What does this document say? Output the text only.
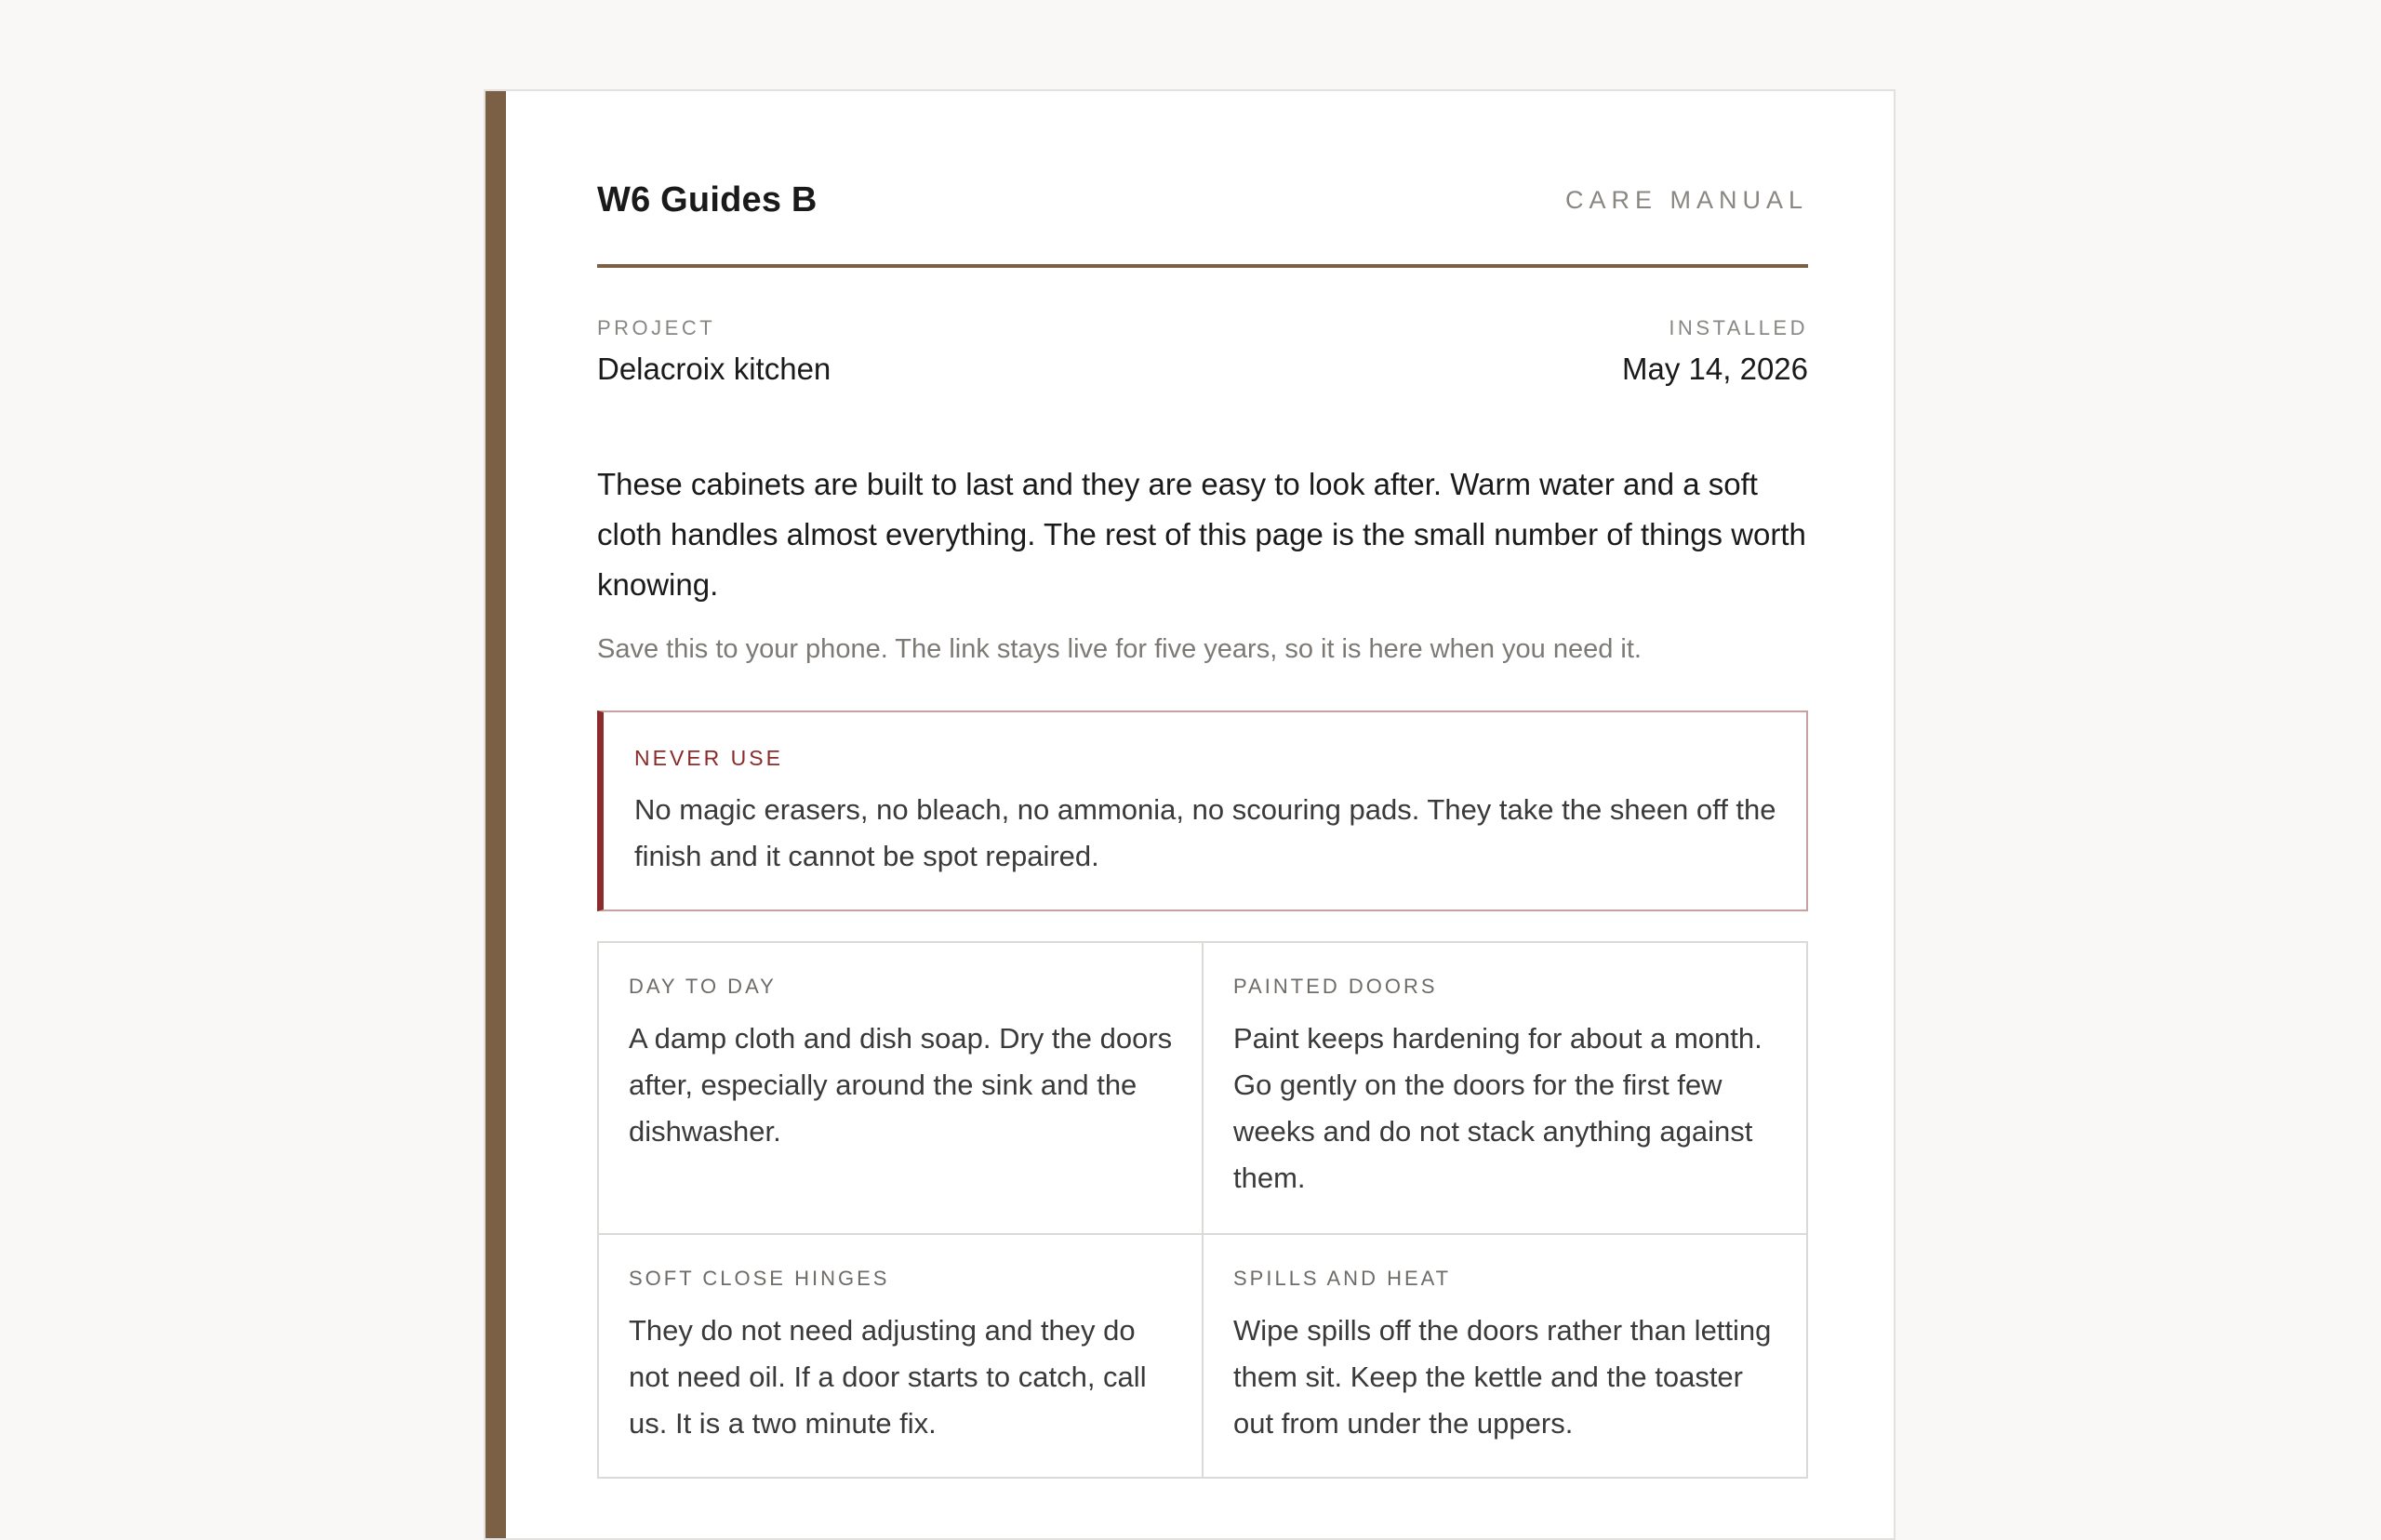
W6 Guides B	CARE MANUAL
PROJECT
Delacroix kitchen
INSTALLED
May 14, 2026
These cabinets are built to last and they are easy to look after. Warm water and a soft cloth handles almost everything. The rest of this page is the small number of things worth knowing.
Save this to your phone. The link stays live for five years, so it is here when you need it.
NEVER USE
No magic erasers, no bleach, no ammonia, no scouring pads. They take the sheen off the finish and it cannot be spot repaired.
DAY TO DAY
A damp cloth and dish soap. Dry the doors after, especially around the sink and the dishwasher.
PAINTED DOORS
Paint keeps hardening for about a month. Go gently on the doors for the first few weeks and do not stack anything against them.
SOFT CLOSE HINGES
They do not need adjusting and they do not need oil. If a door starts to catch, call us. It is a two minute fix.
SPILLS AND HEAT
Wipe spills off the doors rather than letting them sit. Keep the kettle and the toaster out from under the uppers.
